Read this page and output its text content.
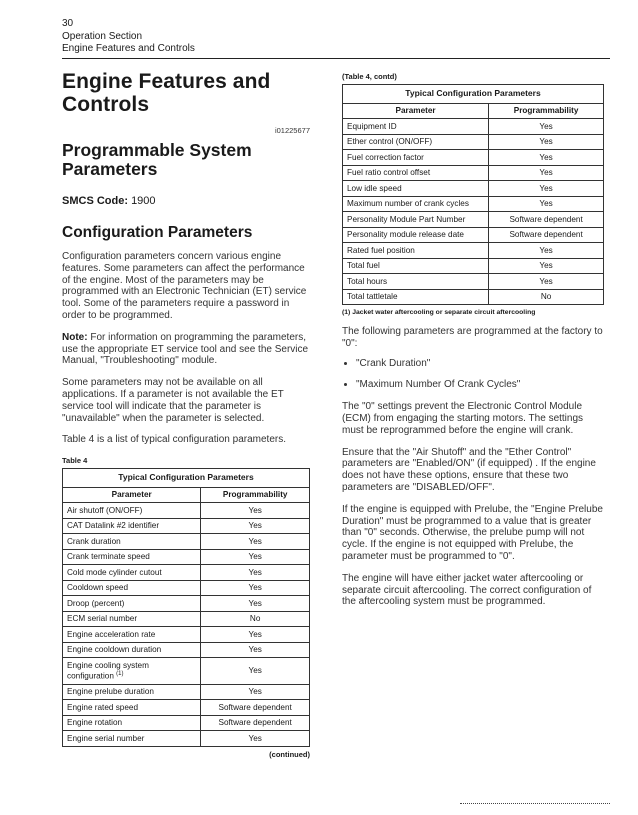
30
Operation Section
Engine Features and Controls
Engine Features and Controls
i01225677
Programmable System Parameters
SMCS Code: 1900
Configuration Parameters

Configuration parameters concern various engine features. Some parameters can affect the performance of the engine. Most of the parameters may be programmed with an Electronic Technician (ET) service tool. Some of the parameters require a password in order to be programmed.

Note: For information on programming the parameters, use the appropriate ET service tool and see the Service Manual, "Troubleshooting" module.

Some parameters may not be available on all applications. If a parameter is not available the ET service tool will indicate that the parameter is "unavailable" when the parameter is selected.

Table 4 is a list of typical configuration parameters.

Table 4
Typical Configuration Parameters	
Parameter	Programmability
Air shutoff (ON/OFF)	Yes
CAT Datalink #2 identifier	Yes
Crank duration	Yes
Crank terminate speed	Yes
Cold mode cylinder cutout	Yes
Cooldown speed	Yes
Droop (percent)	Yes
ECM serial number	No
Engine acceleration rate	Yes
Engine cooldown duration	Yes
Engine cooling system configuration $^{(1)}$	Yes
Engine prelube duration	Yes
Engine rated speed	Software dependent
Engine rotation	Software dependent
Engine serial number	Yes
(continued)
(Table 4, contd)
Typical Configuration Parameters	
Parameter	Programmability
Equipment ID	Yes
Ether control (ON/OFF)	Yes
Fuel correction factor	Yes
Fuel ratio control offset	Yes
Low idle speed	Yes
Maximum number of crank cycles	Yes
Personality Module Part Number	Software dependent
Personality module release date	Software dependent
Rated fuel position	Yes
Total fuel	Yes
Total hours	Yes
Total tattletale	No
(1) Jacket water aftercooling or separate circuit aftercooling

The following parameters are programmed at the factory to "0":

• "Crank Duration"
• "Maximum Number Of Crank Cycles"

The "0" settings prevent the Electronic Control Module (ECM) from engaging the starting motors. The settings must be reprogrammed before the engine will crank.

Ensure that the "Air Shutoff" and the "Ether Control" parameters are "Enabled/ON" (if equipped) . If the engine does not have these options, ensure that these two parameters are "DISABLED/OFF".

If the engine is equipped with Prelube, the "Engine Prelube Duration" must be programmed to a value that is greater than "0" seconds. Otherwise, the prelube pump will not cycle. If the engine is not equipped with Prelube, the parameter must be programmed to "0".

The engine will have either jacket water aftercooling or separate circuit aftercooling. The correct configuration of the aftercooling system must be programmed.
